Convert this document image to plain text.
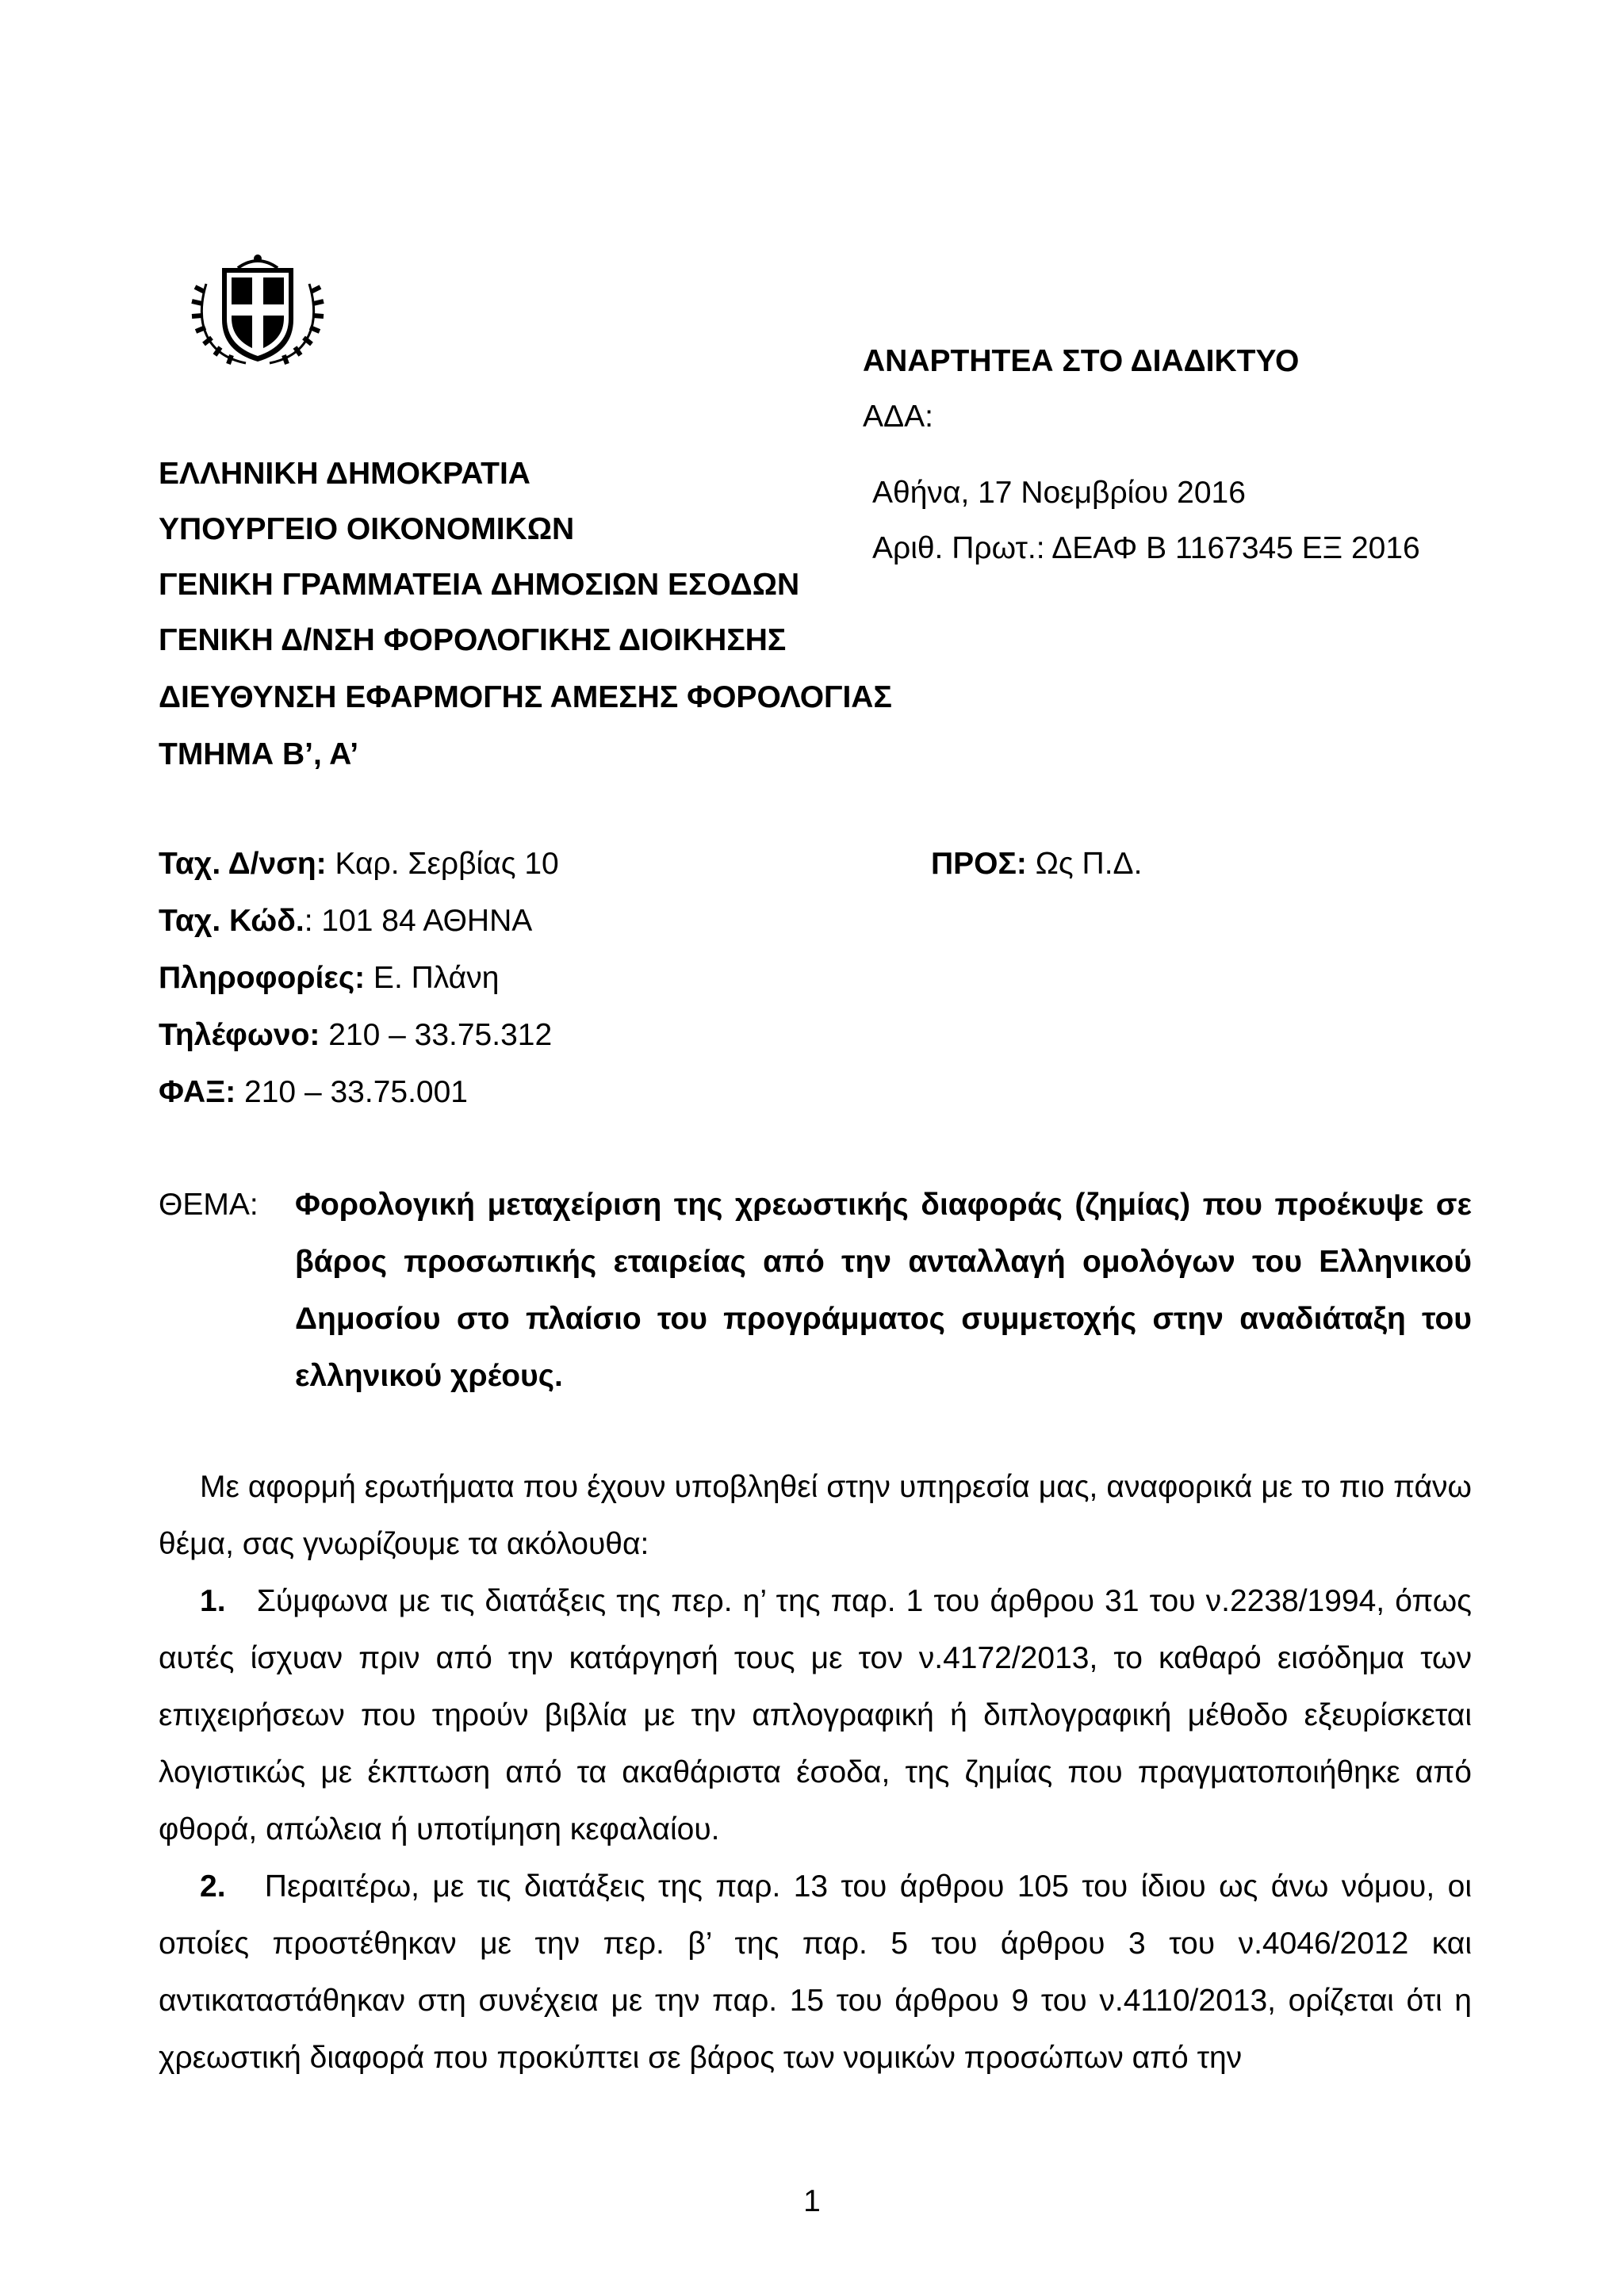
ΑΝΑΡΤΗΤΕΑ ΣΤΟ ΔΙΑΔΙΚΤΥΟ
ΑΔΑ:
Αθήνα, 17 Νοεμβρίου 2016
Αριθ. Πρωτ.: ΔΕΑΦ Β 1167345 ΕΞ 2016
ΕΛΛΗΝΙΚΗ ΔΗΜΟΚΡΑΤΙΑ
ΥΠΟΥΡΓΕΙΟ ΟΙΚΟΝΟΜΙΚΩΝ
ΓΕΝΙΚΗ ΓΡΑΜΜΑΤΕΙΑ ΔΗΜΟΣΙΩΝ ΕΣΟΔΩΝ
ΓΕΝΙΚΗ Δ/ΝΣΗ ΦΟΡΟΛΟΓΙΚΗΣ ΔΙΟΙΚΗΣΗΣ
ΔΙΕΥΘΥΝΣΗ ΕΦΑΡΜΟΓΗΣ ΑΜΕΣΗΣ ΦΟΡΟΛΟΓΙΑΣ
ΤΜΗΜΑ Β’, Α’
Ταχ. Δ/νση: Καρ. Σερβίας 10
Ταχ. Κώδ.: 101 84 ΑΘΗΝΑ
Πληροφορίες: Ε. Πλάνη
Τηλέφωνο: 210 – 33.75.312
ΦΑΞ: 210 – 33.75.001
ΠΡΟΣ: Ως Π.Δ.
ΘΕΜΑ: Φορολογική μεταχείριση της χρεωστικής διαφοράς (ζημίας) που προέκυψε σε βάρος προσωπικής εταιρείας από την ανταλλαγή ομολόγων του Ελληνικού Δημοσίου στο πλαίσιο του προγράμματος συμμετοχής στην αναδιάταξη του ελληνικού χρέους.
Με αφορμή ερωτήματα που έχουν υποβληθεί στην υπηρεσία μας, αναφορικά με το πιο πάνω θέμα, σας γνωρίζουμε τα ακόλουθα:
1. Σύμφωνα με τις διατάξεις της περ. η’ της παρ. 1 του άρθρου 31 του ν.2238/1994, όπως αυτές ίσχυαν πριν από την κατάργησή τους με τον ν.4172/2013, το καθαρό εισόδημα των επιχειρήσεων που τηρούν βιβλία με την απλογραφική ή διπλογραφική μέθοδο εξευρίσκεται λογιστικώς με έκπτωση από τα ακαθάριστα έσοδα, της ζημίας που πραγματοποιήθηκε από φθορά, απώλεια ή υποτίμηση κεφαλαίου.
2. Περαιτέρω, με τις διατάξεις της παρ. 13 του άρθρου 105 του ίδιου ως άνω νόμου, οι οποίες προστέθηκαν με την περ. β’ της παρ. 5 του άρθρου 3 του ν.4046/2012 και αντικαταστάθηκαν στη συνέχεια με την παρ. 15 του άρθρου 9 του ν.4110/2013, ορίζεται ότι η χρεωστική διαφορά που προκύπτει σε βάρος των νομικών προσώπων από την
1
